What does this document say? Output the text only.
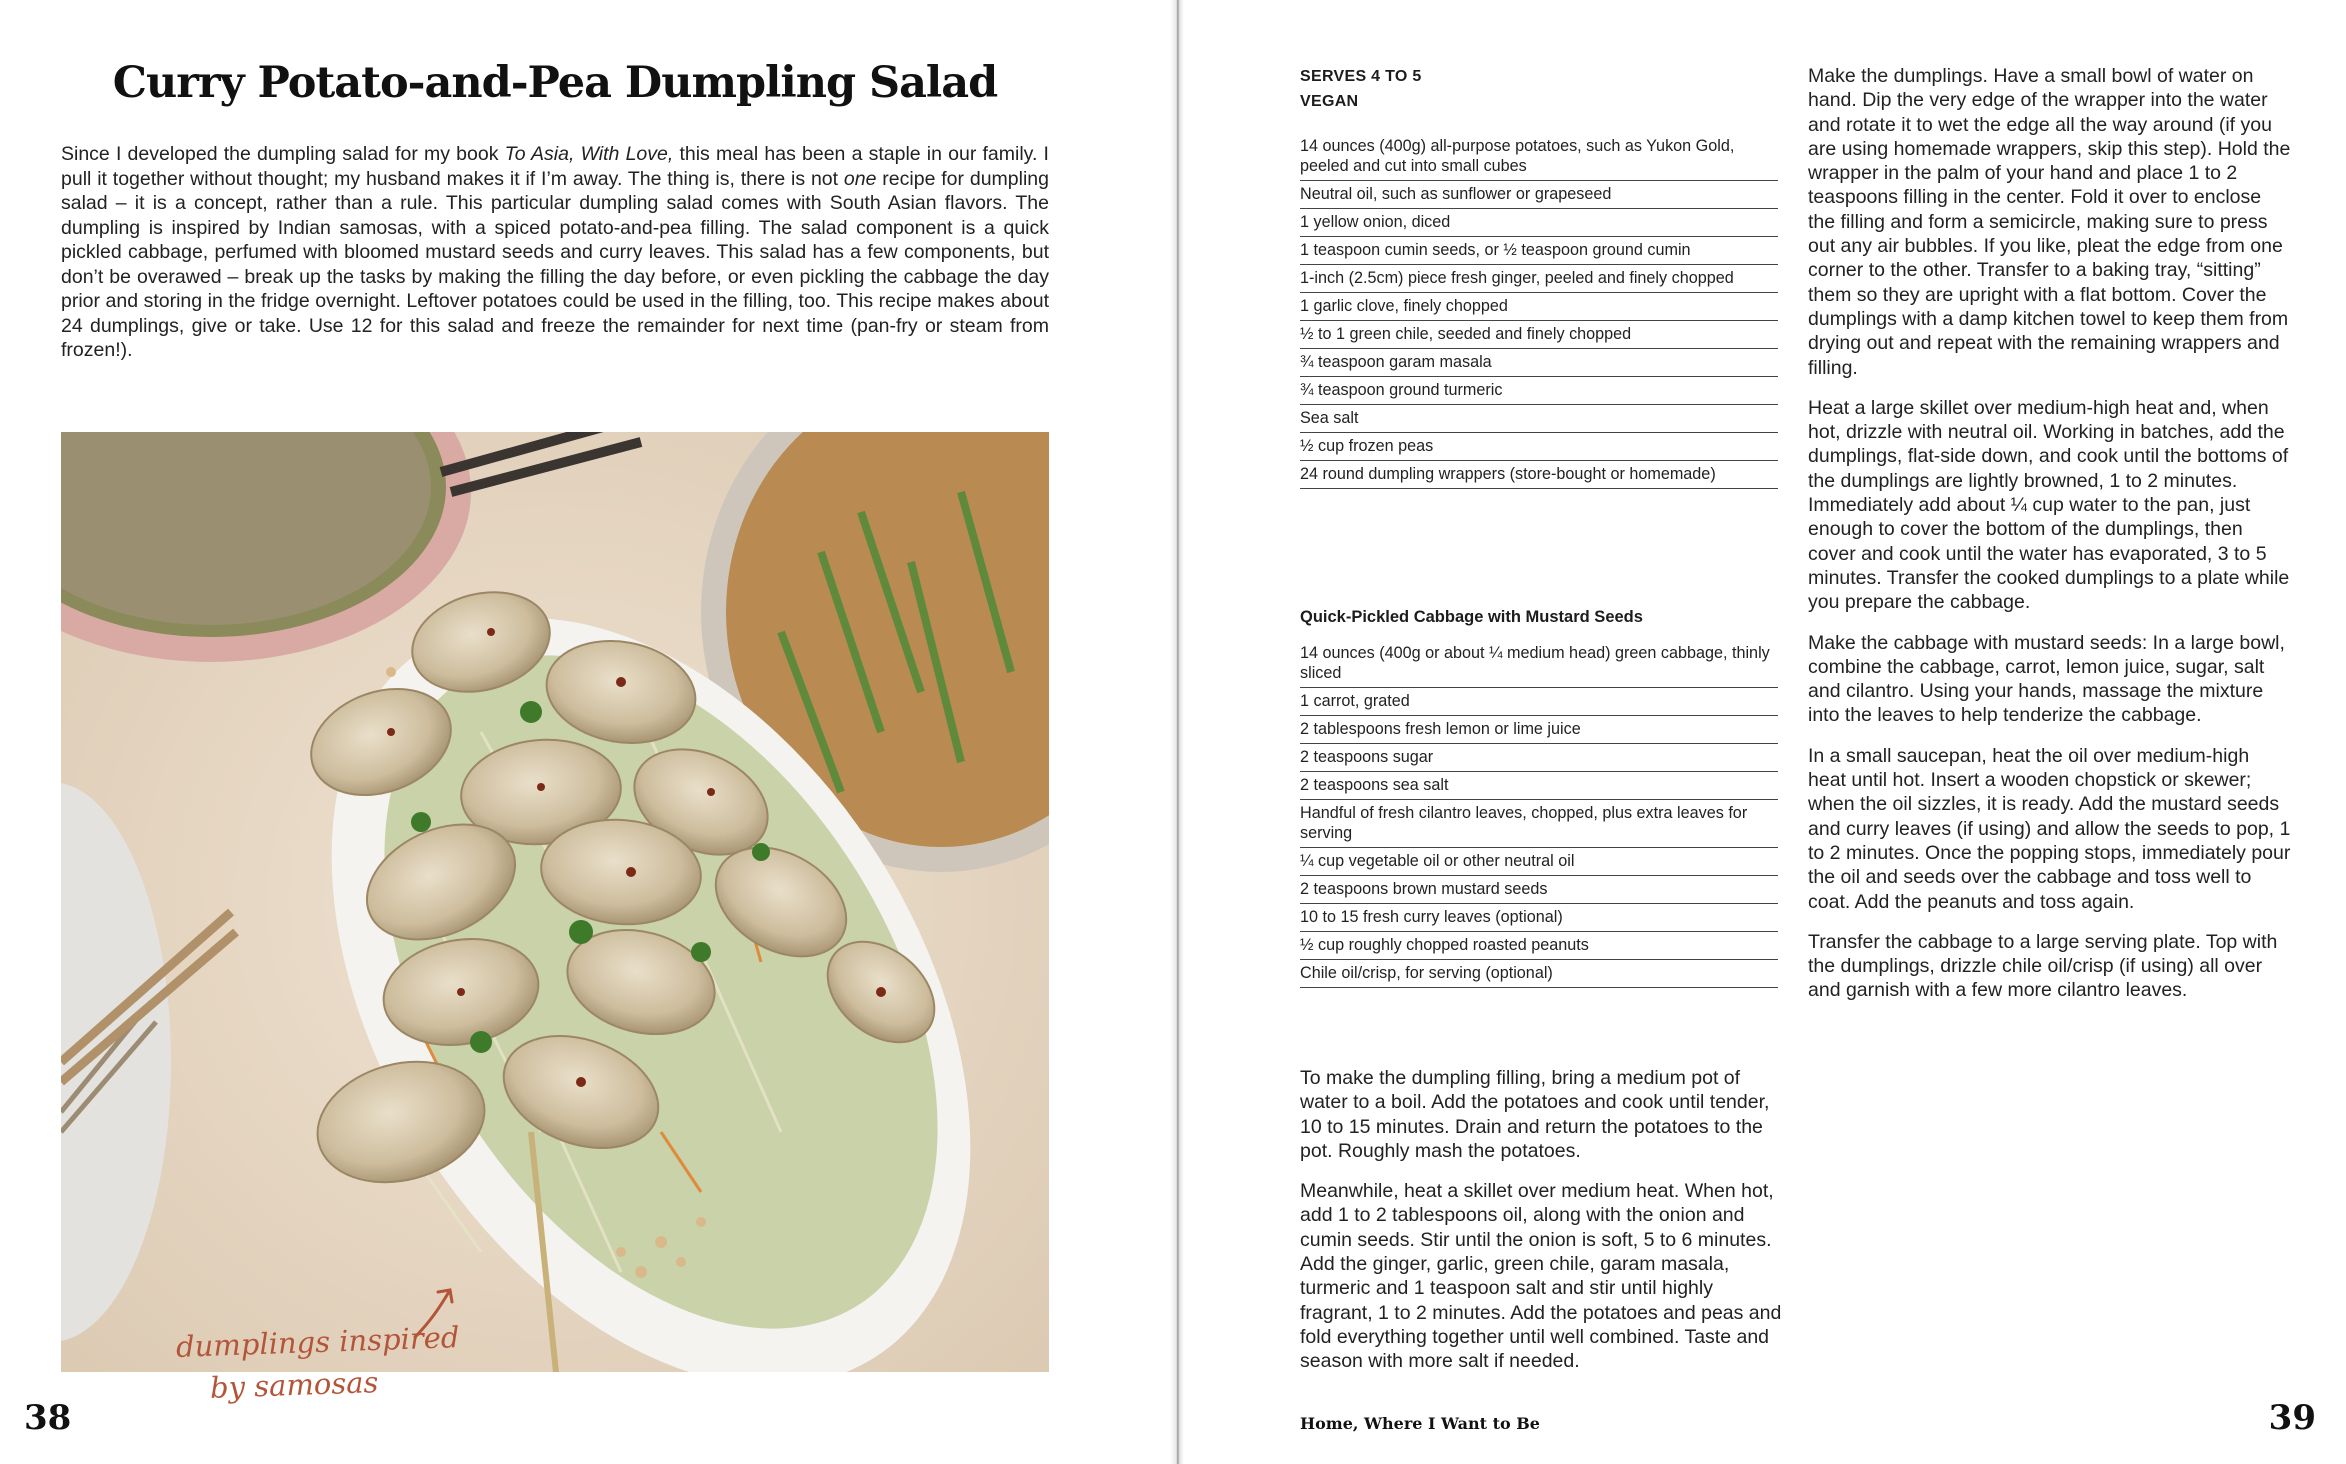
Curry Potato-and-Pea Dumpling Salad

Since I developed the dumpling salad for my book To Asia, With Love, this meal has been a staple in our family. I pull it together without thought; my husband makes it if I’m away. The thing is, there is not one recipe for dumpling salad – it is a concept, rather than a rule. This particular dumpling salad comes with South Asian flavors. The dumpling is inspired by Indian samosas, with a spiced potato-and-pea filling. The salad component is a quick pickled cabbage, perfumed with bloomed mustard seeds and curry leaves. This salad has a few components, but don’t be overawed – break up the tasks by making the filling the day before, or even pickling the cabbage the day prior and storing in the fridge overnight. Leftover potatoes could be used in the filling, too. This recipe makes about 24 dumplings, give or take. Use 12 for this salad and freeze the remainder for next time (pan-fry or steam from frozen!).

dumplings inspired
by samosas
38
SERVES 4 TO 5
VEGAN
14 ounces (400g) all-purpose potatoes, such as Yukon Gold, peeled and cut into small cubes
Neutral oil, such as sunflower or grapeseed
1 yellow onion, diced
1 teaspoon cumin seeds, or ½ teaspoon ground cumin
1-inch (2.5cm) piece fresh ginger, peeled and finely chopped
1 garlic clove, finely chopped
½ to 1 green chile, seeded and finely chopped
¾ teaspoon garam masala
¾ teaspoon ground turmeric
Sea salt
½ cup frozen peas
24 round dumpling wrappers (store-bought or homemade)
Quick-Pickled Cabbage with Mustard Seeds
14 ounces (400g or about ¼ medium head) green cabbage, thinly sliced
1 carrot, grated
2 tablespoons fresh lemon or lime juice
2 teaspoons sugar
2 teaspoons sea salt
Handful of fresh cilantro leaves, chopped, plus extra leaves for serving
¼ cup vegetable oil or other neutral oil
2 teaspoons brown mustard seeds
10 to 15 fresh curry leaves (optional)
½ cup roughly chopped roasted peanuts
Chile oil/crisp, for serving (optional)

To make the dumpling filling, bring a medium pot of water to a boil. Add the potatoes and cook until tender, 10 to 15 minutes. Drain and return the potatoes to the pot. Roughly mash the potatoes.

Meanwhile, heat a skillet over medium heat. When hot, add 1 to 2 tablespoons oil, along with the onion and cumin seeds. Stir until the onion is soft, 5 to 6 minutes. Add the ginger, garlic, green chile, garam masala, turmeric and 1 teaspoon salt and stir until highly fragrant, 1 to 2 minutes. Add the potatoes and peas and fold everything together until well combined. Taste and season with more salt if needed.

Make the dumplings. Have a small bowl of water on hand. Dip the very edge of the wrapper into the water and rotate it to wet the edge all the way around (if you are using homemade wrappers, skip this step). Hold the wrapper in the palm of your hand and place 1 to 2 teaspoons filling in the center. Fold it over to enclose the filling and form a semicircle, making sure to press out any air bubbles. If you like, pleat the edge from one corner to the other. Transfer to a baking tray, “sitting” them so they are upright with a flat bottom. Cover the dumplings with a damp kitchen towel to keep them from drying out and repeat with the remaining wrappers and filling.

Heat a large skillet over medium-high heat and, when hot, drizzle with neutral oil. Working in batches, add the dumplings, flat-side down, and cook until the bottoms of the dumplings are lightly browned, 1 to 2 minutes. Immediately add about ¼ cup water to the pan, just enough to cover the bottom of the dumplings, then cover and cook until the water has evaporated, 3 to 5 minutes. Transfer the cooked dumplings to a plate while you prepare the cabbage.

Make the cabbage with mustard seeds: In a large bowl, combine the cabbage, carrot, lemon juice, sugar, salt and cilantro. Using your hands, massage the mixture into the leaves to help tenderize the cabbage.

In a small saucepan, heat the oil over medium-high heat until hot. Insert a wooden chopstick or skewer; when the oil sizzles, it is ready. Add the mustard seeds and curry leaves (if using) and allow the seeds to pop, 1 to 2 minutes. Once the popping stops, immediately pour the oil and seeds over the cabbage and toss well to coat. Add the peanuts and toss again.

Transfer the cabbage to a large serving plate. Top with the dumplings, drizzle chile oil/crisp (if using) all over and garnish with a few more cilantro leaves.

Home, Where I Want to Be	39
